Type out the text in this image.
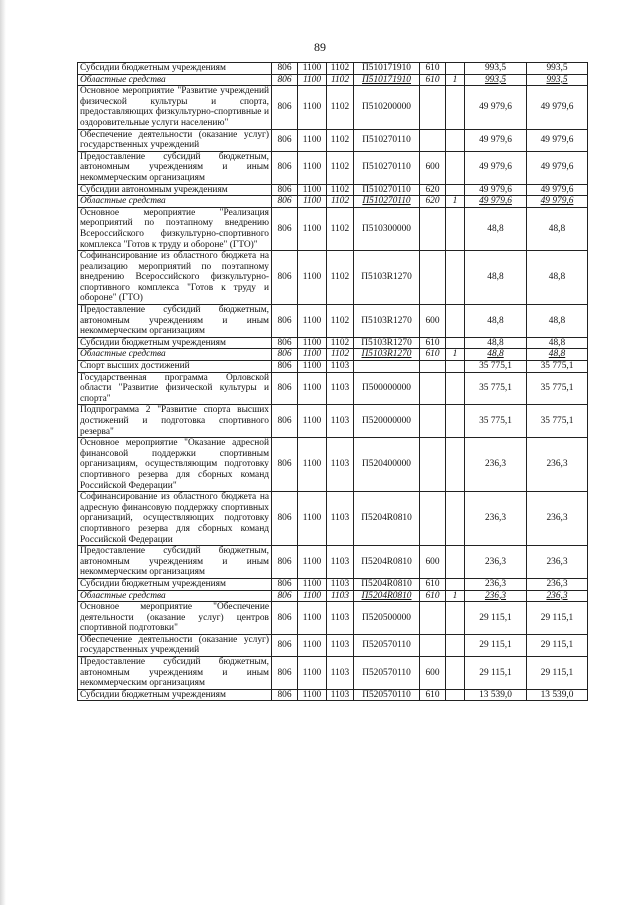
89
Субсидии бюджетным учреждениям	806	1100	1102	П510171910	610		993,5	993,5
Областные средства	806	1100	1102	П510171910	610	1	993,5	993,5
Основное мероприятие "Развитие учреждений физической культуры и спорта, предоставляющих физкультурно-спортивные и оздоровительные услуги населению"	806	1100	1102	П510200000			49 979,6	49 979,6
Обеспечение деятельности (оказание услуг) государственных учреждений	806	1100	1102	П510270110			49 979,6	49 979,6
Предоставление субсидий бюджетным, автономным учреждениям и иным некоммерческим организациям	806	1100	1102	П510270110	600		49 979,6	49 979,6
Субсидии автономным учреждениям	806	1100	1102	П510270110	620		49 979,6	49 979,6
Областные средства	806	1100	1102	П510270110	620	1	49 979,6	49 979,6
Основное мероприятие "Реализация мероприятий по поэтапному внедрению Всероссийского физкультурно-спортивного комплекса "Готов к труду и обороне" (ГТО)"	806	1100	1102	П510300000			48,8	48,8
Софинансирование из областного бюджета на реализацию мероприятий по поэтапному внедрению Всероссийского физкультурно-спортивного комплекса "Готов к труду и обороне" (ГТО)	806	1100	1102	П5103R1270			48,8	48,8
Предоставление субсидий бюджетным, автономным учреждениям и иным некоммерческим организациям	806	1100	1102	П5103R1270	600		48,8	48,8
Субсидии бюджетным учреждениям	806	1100	1102	П5103R1270	610		48,8	48,8
Областные средства	806	1100	1102	П5103R1270	610	1	48,8	48,8
Спорт высших достижений	806	1100	1103				35 775,1	35 775,1
Государственная программа Орловской области "Развитие физической культуры и спорта"	806	1100	1103	П500000000			35 775,1	35 775,1
Подпрограмма 2 "Развитие спорта высших достижений и подготовка спортивного резерва"	806	1100	1103	П520000000			35 775,1	35 775,1
Основное мероприятие "Оказание адресной финансовой поддержки спортивным организациям, осуществляющим подготовку спортивного резерва для сборных команд Российской Федерации"	806	1100	1103	П520400000			236,3	236,3
Софинансирование из областного бюджета на адресную финансовую поддержку спортивных организаций, осуществляющих подготовку спортивного резерва для сборных команд Российской Федерации	806	1100	1103	П5204R0810			236,3	236,3
Предоставление субсидий бюджетным, автономным учреждениям и иным некоммерческим организациям	806	1100	1103	П5204R0810	600		236,3	236,3
Субсидии бюджетным учреждениям	806	1100	1103	П5204R0810	610		236,3	236,3
Областные средства	806	1100	1103	П5204R0810	610	1	236,3	236,3
Основное мероприятие "Обеспечение деятельности (оказание услуг) центров спортивной подготовки"	806	1100	1103	П520500000			29 115,1	29 115,1
Обеспечение деятельности (оказание услуг) государственных учреждений	806	1100	1103	П520570110			29 115,1	29 115,1
Предоставление субсидий бюджетным, автономным учреждениям и иным некоммерческим организациям	806	1100	1103	П520570110	600		29 115,1	29 115,1
Субсидии бюджетным учреждениям	806	1100	1103	П520570110	610		13 539,0	13 539,0
